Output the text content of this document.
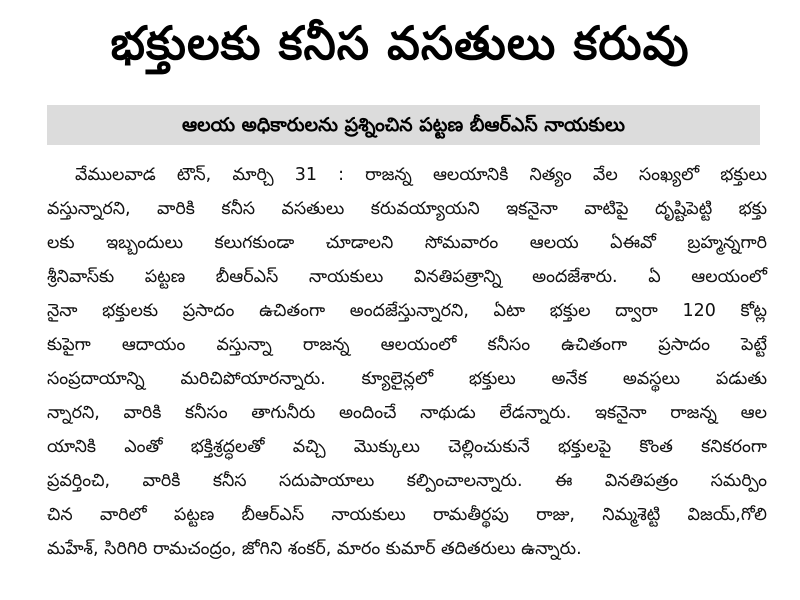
భక్తులకు కనీస వసతులు కరువు
ఆలయ అధికారులను ప్రశ్నించిన పట్టణ బీఆర్‌ఎస్ నాయకులు
వేములవాడ టౌన్, మార్చి 31 : రాజన్న ఆలయానికి నిత్యం వేల సంఖ్యలో భక్తులు
వస్తున్నారని, వారికి కనీస వసతులు కరువయ్యాయని ఇకనైనా వాటిపై దృష్టిపెట్టి భక్తు
లకు ఇబ్బందులు కలుగకుండా చూడాలని సోమవారం ఆలయ ఏఈవో బ్రహ్మన్నగారి
శ్రీనివాస్‌కు పట్టణ బీఆర్ఎస్ నాయకులు వినతిపత్రాన్ని అందజేశారు. ఏ ఆలయంలో
నైనా భక్తులకు ప్రసాదం ఉచితంగా అందజేస్తున్నారని, ఏటా భక్తుల ద్వారా 120 కోట్ల
కుపైగా ఆదాయం వస్తున్నా రాజన్న ఆలయంలో కనీసం ఉచితంగా ప్రసాదం పెట్టే
సంప్రదాయాన్ని మరిచిపోయారన్నారు. క్యూలైన్లలో భక్తులు అనేక అవస్థలు పడుతు
న్నారని, వారికి కనీసం తాగునీరు అందించే నాథుడు లేడన్నారు. ఇకనైనా రాజన్న ఆల
యానికి ఎంతో భక్తిశ్రద్ధలతో వచ్చి మొక్కులు చెల్లించుకునే భక్తులపై కొంత కనికరంగా
ప్రవర్తించి, వారికి కనీస సదుపాయాలు కల్పించాలన్నారు. ఈ వినతిపత్రం సమర్పిం
చిన వారిలో పట్టణ బీఆర్ఎస్ నాయకులు రామతీర్థపు రాజు, నిమ్మశెట్టి విజయ్,గోలి
మహేశ్, సిరిగిరి రామచంద్రం, జోగిని శంకర్, మారం కుమార్ తదితరులు ఉన్నారు.
